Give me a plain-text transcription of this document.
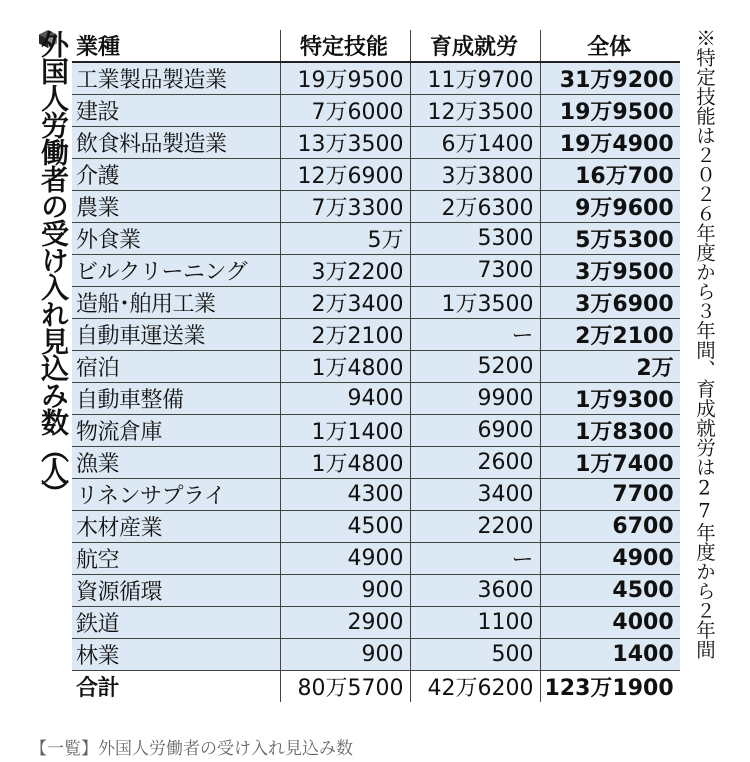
外国人労働者の受け入れ見込み数（人）
業種	特定技能	育成就労	全体
工業製品製造業	19万9500	11万9700	31万9200
建設	7万6000	12万3500	19万9500
飲食料品製造業	13万3500	6万1400	19万4900
介護	12万6900	3万3800	16万700
農業	7万3300	2万6300	9万9600
外食業	5万	5300	5万5300
ビルクリーニング	3万2200	7300	3万9500
造船･舶用工業	2万3400	1万3500	3万6900
自動車運送業	2万2100	ー	2万2100
宿泊	1万4800	5200	2万
自動車整備	9400	9900	1万9300
物流倉庫	1万1400	6900	1万8300
漁業	1万4800	2600	1万7400
リネンサプライ	4300	3400	7700
木材産業	4500	2200	6700
航空	4900	ー	4900
資源循環	900	3600	4500
鉄道	2900	1100	4000
林業	900	500	1400
合計	80万5700	42万6200	123万1900
※特定技能は２０２６年度から３年間、育成就労は27年度から２年間
【一覧】外国人労働者の受け入れ見込み数
